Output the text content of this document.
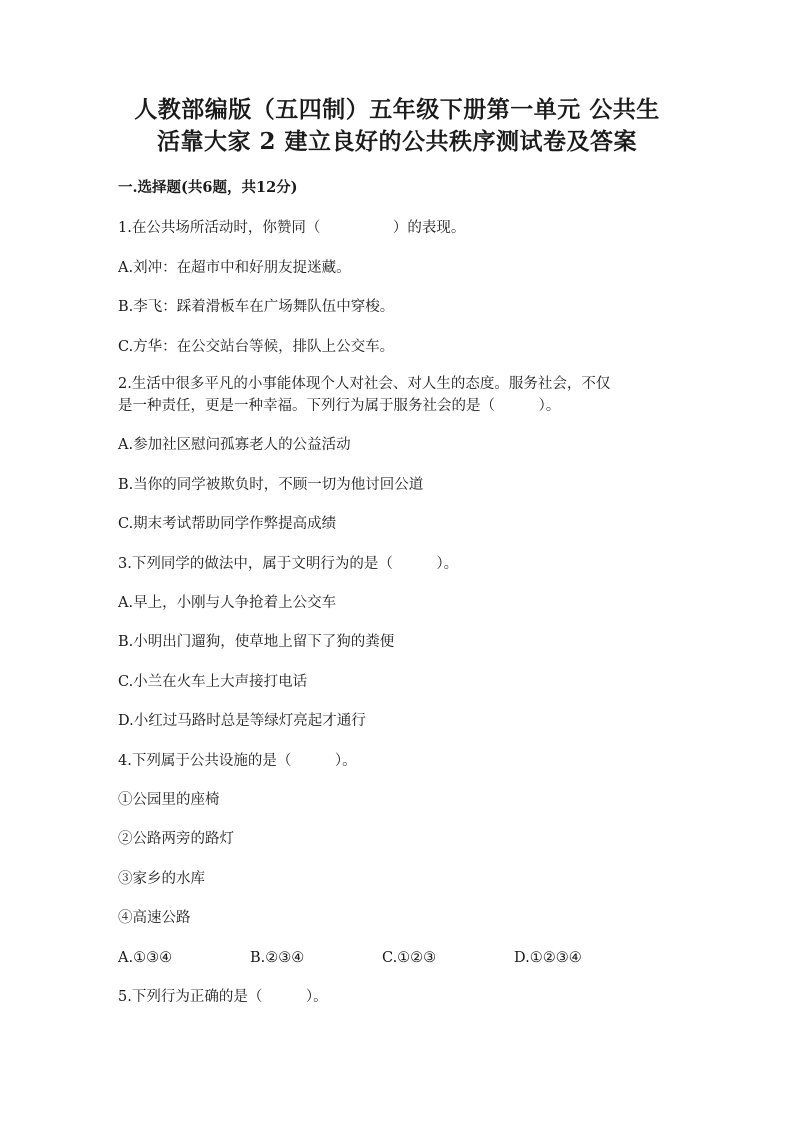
人教部编版（五四制）五年级下册第一单元 公共生
活靠大家 2 建立良好的公共秩序测试卷及答案
一.选择题(共6题，共12分)
1.在公共场所活动时，你赞同（　　　　　）的表现。
A.刘冲：在超市中和好朋友捉迷藏。
B.李飞：踩着滑板车在广场舞队伍中穿梭。
C.方华：在公交站台等候，排队上公交车。
2.生活中很多平凡的小事能体现个人对社会、对人生的态度。服务社会，不仅
是一种责任，更是一种幸福。下列行为属于服务社会的是（　　　）。
A.参加社区慰问孤寡老人的公益活动
B.当你的同学被欺负时，不顾一切为他讨回公道
C.期末考试帮助同学作弊提高成绩
3.下列同学的做法中，属于文明行为的是（　　　）。
A.早上，小刚与人争抢着上公交车
B.小明出门遛狗，使草地上留下了狗的粪便
C.小兰在火车上大声接打电话
D.小红过马路时总是等绿灯亮起才通行
4.下列属于公共设施的是（　　　）。
①公园里的座椅
②公路两旁的路灯
③家乡的水库
④高速公路
A.①③④	B.②③④	C.①②③	D.①②③④
5.下列行为正确的是（　　　）。
